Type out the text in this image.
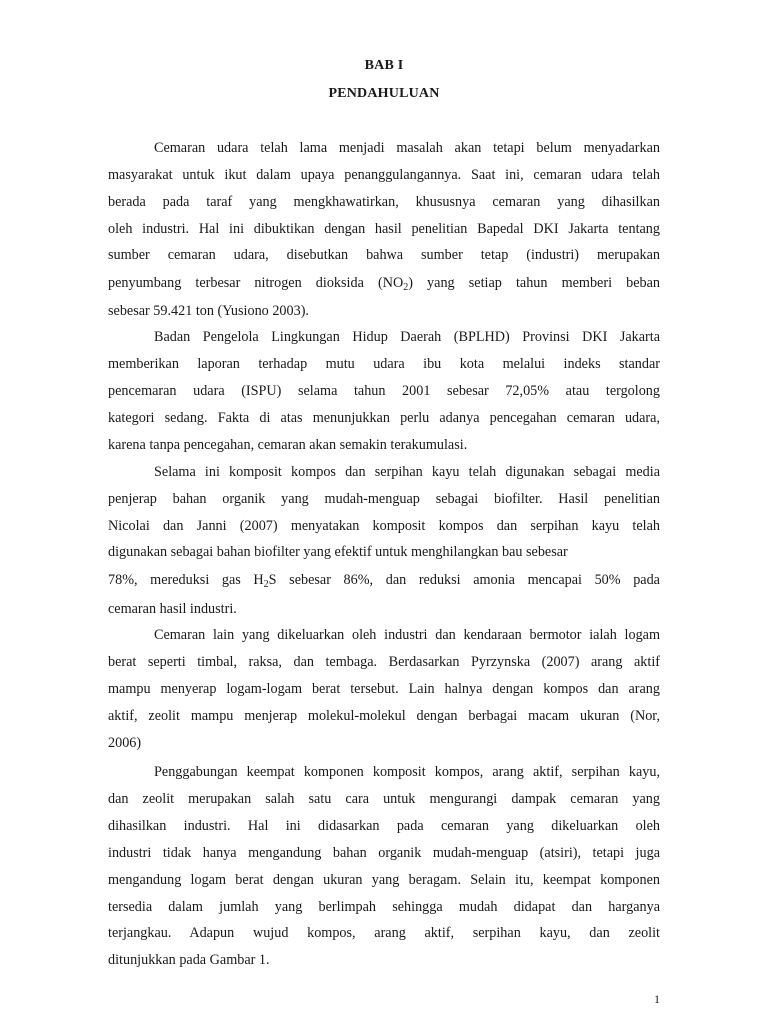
BAB I
PENDAHULUAN
Cemaran udara telah lama menjadi masalah akan tetapi belum menyadarkan
masyarakat untuk ikut dalam upaya penanggulangannya. Saat ini, cemaran udara telah
berada pada taraf yang mengkhawatirkan, khususnya cemaran yang dihasilkan
oleh industri. Hal ini dibuktikan dengan hasil penelitian Bapedal DKI Jakarta tentang
sumber cemaran udara, disebutkan bahwa sumber tetap (industri) merupakan
penyumbang terbesar nitrogen dioksida $(NO_2)$ yang setiap tahun memberi beban
sebesar 59.421 ton (Yusiono 2003).
Badan Pengelola Lingkungan Hidup Daerah (BPLHD) Provinsi DKI Jakarta
memberikan laporan terhadap mutu udara ibu kota melalui indeks standar
pencemaran udara (ISPU) selama tahun 2001 sebesar 72,05% atau tergolong
kategori sedang. Fakta di atas menunjukkan perlu adanya pencegahan cemaran udara,
karena tanpa pencegahan, cemaran akan semakin terakumulasi.
Selama ini komposit kompos dan serpihan kayu telah digunakan sebagai media
penjerap bahan organik yang mudah-menguap sebagai biofilter. Hasil penelitian
Nicolai dan Janni (2007) menyatakan komposit kompos dan serpihan kayu telah
digunakan sebagai bahan biofilter yang efektif untuk menghilangkan bau sebesar
78%, mereduksi gas $H_2S$ sebesar 86%, dan reduksi amonia mencapai 50% pada
cemaran hasil industri.
Cemaran lain yang dikeluarkan oleh industri dan kendaraan bermotor ialah logam
berat seperti timbal, raksa, dan tembaga. Berdasarkan Pyrzynska (2007) arang aktif
mampu menyerap logam-logam berat tersebut. Lain halnya dengan kompos dan arang
aktif, zeolit mampu menjerap molekul-molekul dengan berbagai macam ukuran (Nor,
2006)
Penggabungan keempat komponen komposit kompos, arang aktif, serpihan kayu,
dan zeolit merupakan salah satu cara untuk mengurangi dampak cemaran yang
dihasilkan industri. Hal ini didasarkan pada cemaran yang dikeluarkan oleh
industri tidak hanya mengandung bahan organik mudah-menguap (atsiri), tetapi juga
mengandung logam berat dengan ukuran yang beragam. Selain itu, keempat komponen
tersedia dalam jumlah yang berlimpah sehingga mudah didapat dan harganya
terjangkau. Adapun wujud kompos, arang aktif, serpihan kayu, dan zeolit
ditunjukkan pada Gambar 1.
1
